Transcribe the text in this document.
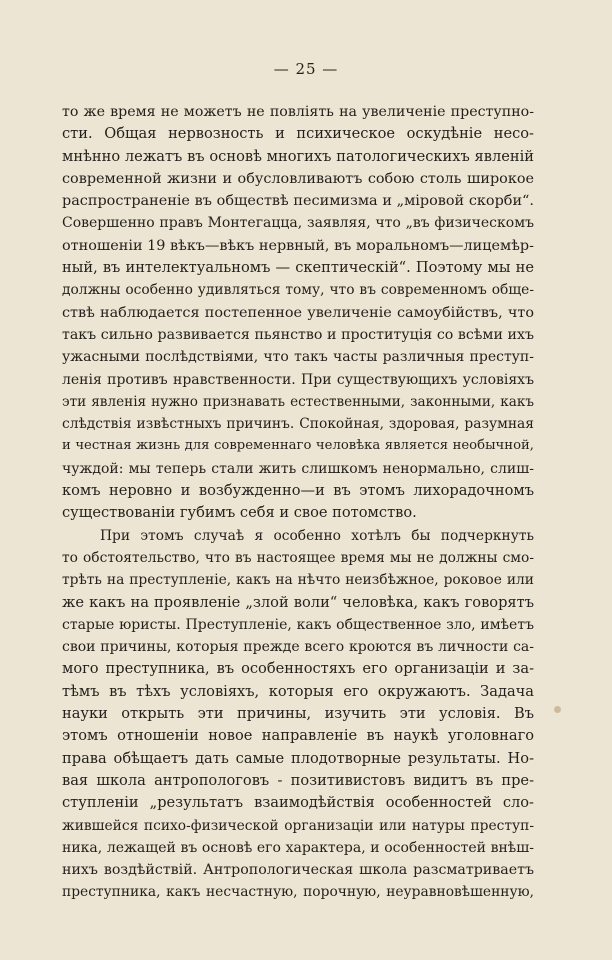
— 25 —
то же время не можетъ не повліять на увеличеніе преступно-
сти. Общая нервозность и психическое оскудѣніе несо-
мнѣнно лежатъ въ основѣ многихъ патологическихъ явленій
современной жизни и обусловливаютъ собою столь широкое
распространеніе въ обществѣ песимизма и „міровой скорби“.
Совершенно правъ Монтегацца, заявляя, что „въ физическомъ
отношеніи 19 вѣкъ—вѣкъ нервный, въ моральномъ—лицемѣр-
ный, въ интелектуальномъ — скептическій“. Поэтому мы не
должны особенно удивляться тому, что въ современномъ обще-
ствѣ наблюдается постепенное увеличеніе самоубійствъ, что
такъ сильно развивается пьянство и проституція со всѣми ихъ
ужасными послѣдствіями, что такъ часты различныя преступ-
ленія противъ нравственности. При существующихъ условіяхъ
эти явленія нужно признавать естественными, законными, какъ
слѣдствія извѣстныхъ причинъ. Спокойная, здоровая, разумная
и честная жизнь для современнаго человѣка является необычной,
чуждой: мы теперь стали жить слишкомъ ненормально, слиш-
комъ неровно и возбужденно—и въ этомъ лихорадочномъ
существованіи губимъ себя и свое потомство.
При этомъ случаѣ я особенно хотѣлъ бы подчеркнуть
то обстоятельство, что въ настоящее время мы не должны смо-
трѣть на преступленіе, какъ на нѣчто неизбѣжное, роковое или
же какъ на проявленіе „злой воли“ человѣка, какъ говорятъ
старые юристы. Преступленіе, какъ общественное зло, имѣетъ
свои причины, которыя прежде всего кроются въ личности са-
мого преступника, въ особенностяхъ его организаціи и за-
тѣмъ въ тѣхъ условіяхъ, которыя его окружаютъ. Задача
науки открыть эти причины, изучить эти условія. Въ
этомъ отношеніи новое направленіе въ наукѣ уголовнаго
права обѣщаетъ дать самые плодотворные результаты. Но-
вая школа антропологовъ - позитивистовъ видитъ въ пре-
ступленіи „результатъ взаимодѣйствія особенностей сло-
жившейся психо-физической организаціи или натуры преступ-
ника, лежащей въ основѣ его характера, и особенностей внѣш-
нихъ воздѣйствій. Антропологическая школа разсматриваетъ
преступника, какъ несчастную, порочную, неуравновѣшенную,
